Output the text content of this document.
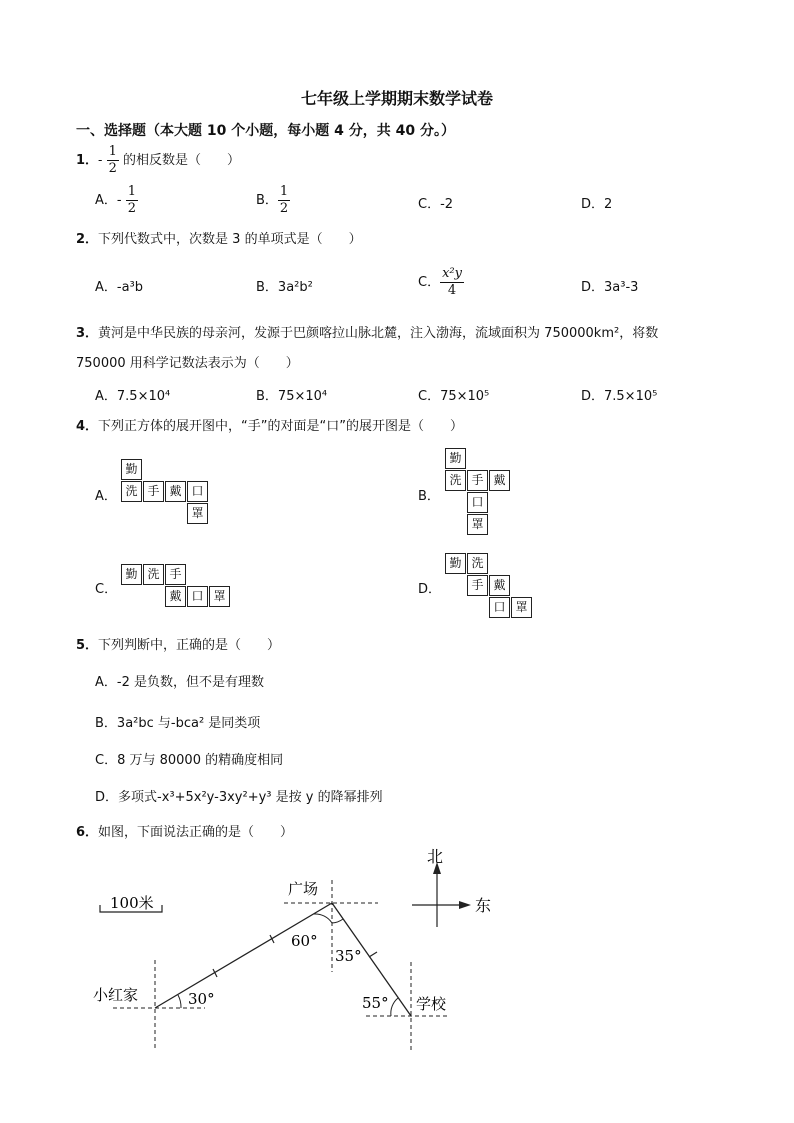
七年级上学期期末数学试卷
一、选择题（本大题 10 个小题，每小题 4 分，共 40 分。）
1．- $\frac{1}{2}$ 的相反数是（　　）
A．- $\frac{1}{2}$	B． $\frac{1}{2}$	C．-2	D．2
2．下列代数式中，次数是 3 的单项式是（　　）
A．-a³b	B．3a²b²	C． $\frac{\text{x²y}}{4}$	D．3a³-3
3．黄河是中华民族的母亲河，发源于巴颜喀拉山脉北麓，注入渤海，流域面积为 750000km²，将数
750000 用科学记数法表示为（　　）
A．7.5×10⁴	B．75×10⁴	C．75×10⁵	D．7.5×10⁵
4．下列正方体的展开图中，“手”的对面是“口”的展开图是（　　）
A．
勤
洗 手 戴 口
罩
B．
勤
洗 手 戴
口
罩
C．
勤 洗 手
戴 口 罩	D．
勤 洗
手 戴
口 罩
5．下列判断中，正确的是（　　）
A．-2 是负数，但不是有理数
B．3a²bc 与-bca² 是同类项
C．8 万与 80000 的精确度相同
D．多项式-x³+5x²y-3xy²+y³ 是按 y 的降幂排列
6．如图，下面说法正确的是（　　）
100米
北
东
广场
小红家	学校
30°
60°
35°
55°
